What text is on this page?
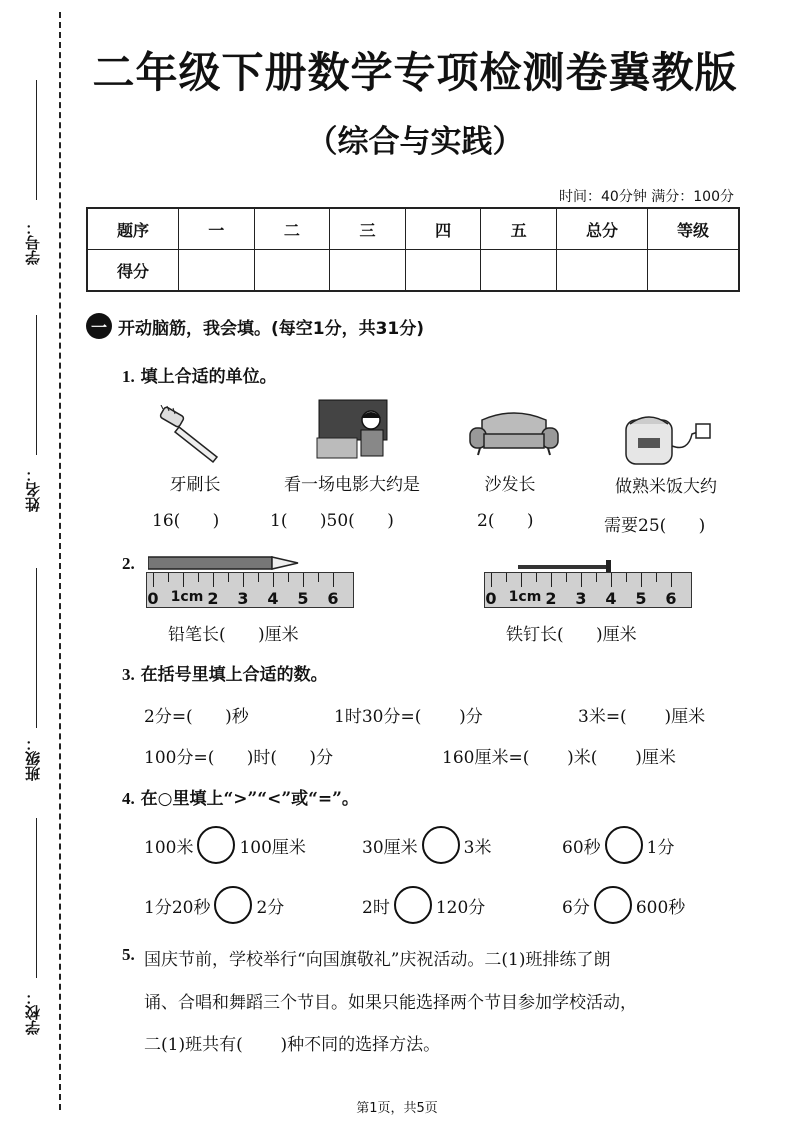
学号：
姓名：
班级：
学校：
二年级下册数学专项检测卷冀教版
（综合与实践）
时间：40分钟 满分：100分
题序	一	二	三	四	五	总分	等级
得分							
一 开动脑筋，我会填。(每空1分，共31分)
1. 填上合适的单位。
牙刷长	看一场电影大约是	沙发长	做熟米饭大约
16(      )	1(      )50(      )	2(      )	需要25(      )
2.
0 1cm 2 3 4 5 6	0 1cm 2 3 4 5 6
铅笔长(      )厘米	铁钉长(      )厘米
3. 在括号里填上合适的数。
2分=(      )秒	1时30分=(       )分	3米=(       )厘米
100分=(      )时(      )分	160厘米=(       )米(       )厘米
4. 在○里填上“>”“<”或“=”。
100米	100厘米	30厘米	3米	60秒	1分
1分20秒	2分	2时	120分	6分	600秒
5. 国庆节前，学校举行“向国旗敬礼”庆祝活动。二(1)班排练了朗
诵、合唱和舞蹈三个节目。如果只能选择两个节目参加学校活动，
二(1)班共有(       )种不同的选择方法。
第1页，共5页
